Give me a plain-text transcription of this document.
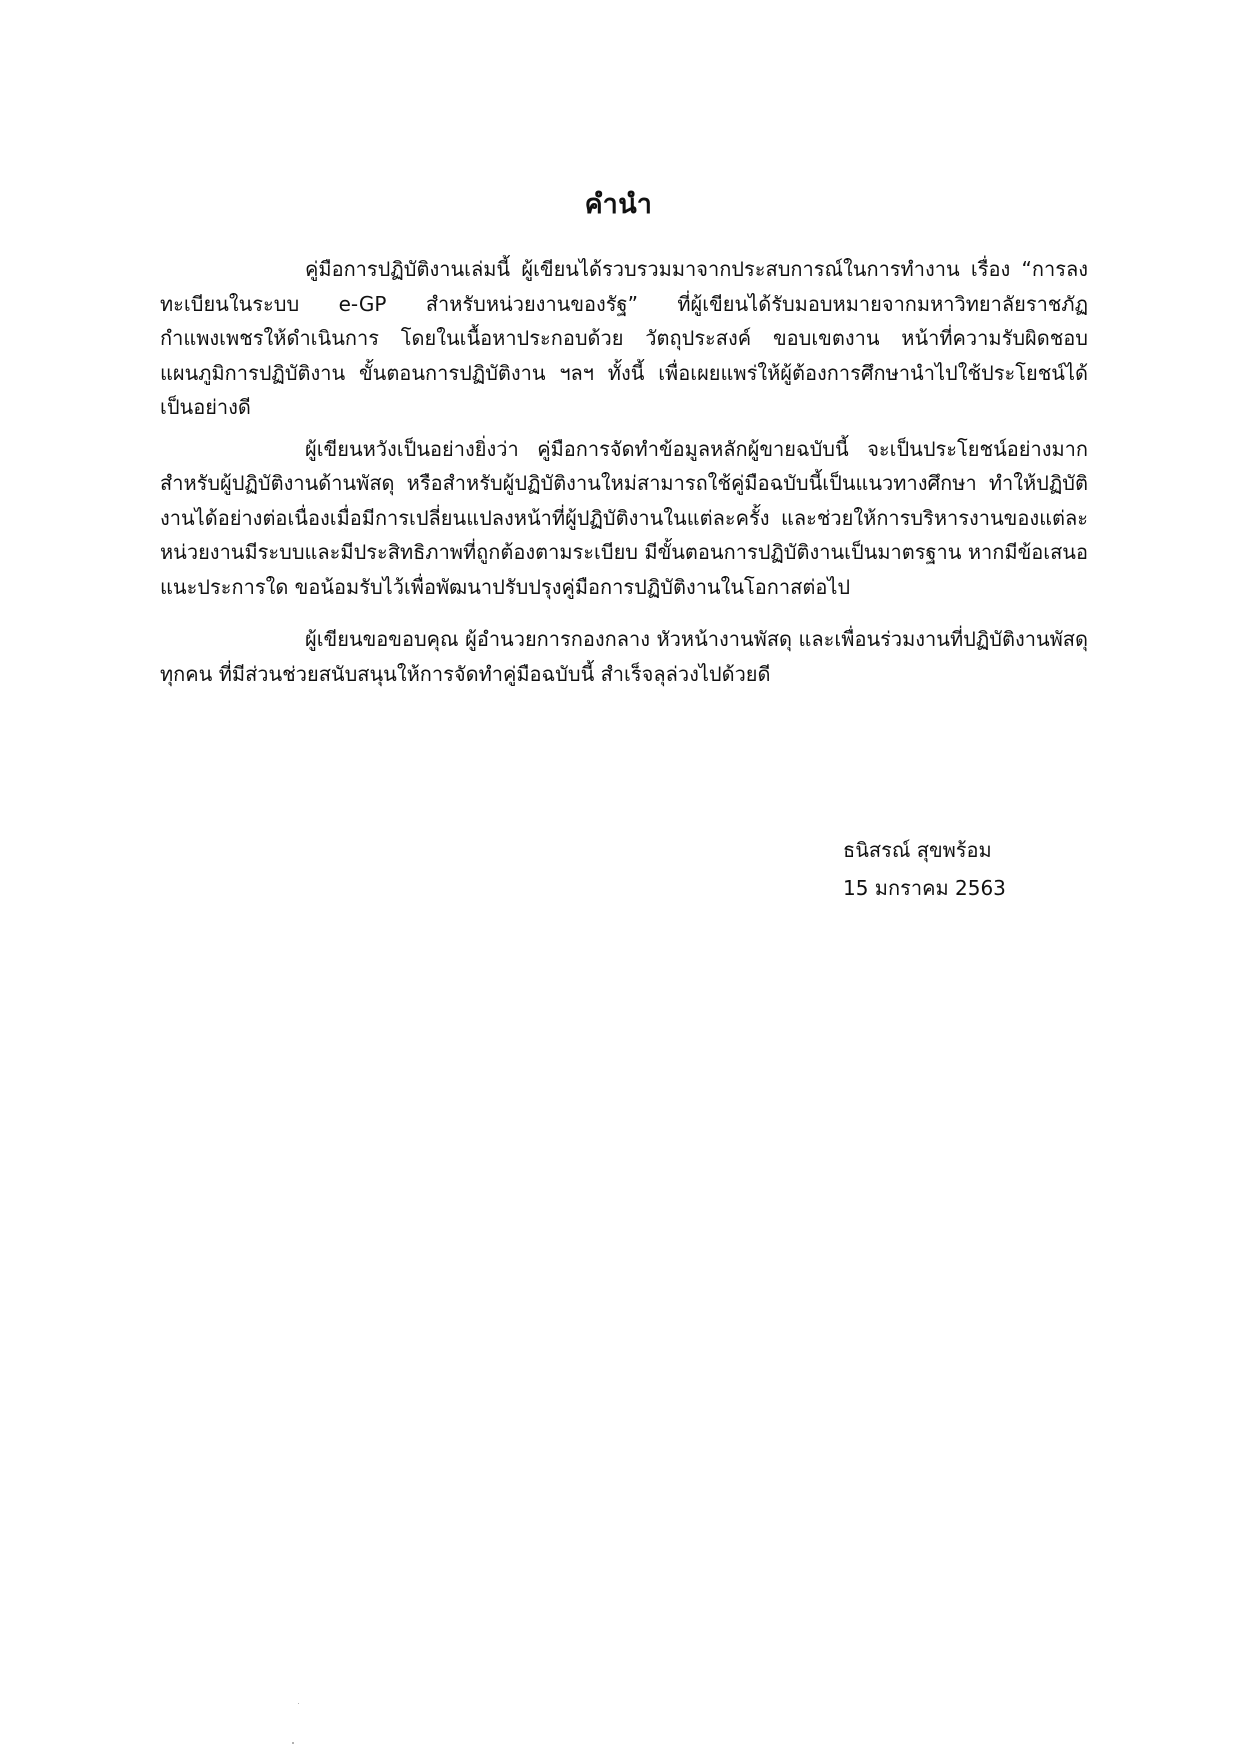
คำนำ

คู่มือการปฏิบัติงานเล่มนี้ ผู้เขียนได้รวบรวมมาจากประสบการณ์ในการทำงาน เรื่อง “การลงทะเบียนในระบบ e-GP สำหรับหน่วยงานของรัฐ” ที่ผู้เขียนได้รับมอบหมายจากมหาวิทยาลัยราชภัฏกำแพงเพชรให้ดำเนินการ โดยในเนื้อหาประกอบด้วย วัตถุประสงค์ ขอบเขตงาน หน้าที่ความรับผิดชอบ แผนภูมิการปฏิบัติงาน ขั้นตอนการปฏิบัติงาน ฯลฯ ทั้งนี้ เพื่อเผยแพร่ให้ผู้ต้องการศึกษานำไปใช้ประโยชน์ได้เป็นอย่างดี

ผู้เขียนหวังเป็นอย่างยิ่งว่า คู่มือการจัดทำข้อมูลหลักผู้ขายฉบับนี้ จะเป็นประโยชน์อย่างมากสำหรับผู้ปฏิบัติงานด้านพัสดุ หรือสำหรับผู้ปฏิบัติงานใหม่สามารถใช้คู่มือฉบับนี้เป็นแนวทางศึกษา ทำให้ปฏิบัติงานได้อย่างต่อเนื่องเมื่อมีการเปลี่ยนแปลงหน้าที่ผู้ปฏิบัติงานในแต่ละครั้ง และช่วยให้การบริหารงานของแต่ละหน่วยงานมีระบบและมีประสิทธิภาพที่ถูกต้องตามระเบียบ มีขั้นตอนการปฏิบัติงานเป็นมาตรฐาน หากมีข้อเสนอแนะประการใด ขอน้อมรับไว้เพื่อพัฒนาปรับปรุงคู่มือการปฏิบัติงานในโอกาสต่อไป

ผู้เขียนขอขอบคุณ ผู้อำนวยการกองกลาง หัวหน้างานพัสดุ และเพื่อนร่วมงานที่ปฏิบัติงานพัสดุทุกคน ที่มีส่วนช่วยสนับสนุนให้การจัดทำคู่มือฉบับนี้ สำเร็จลุล่วงไปด้วยดี

ธนิสรณ์ สุขพร้อม
15 มกราคม 2563
